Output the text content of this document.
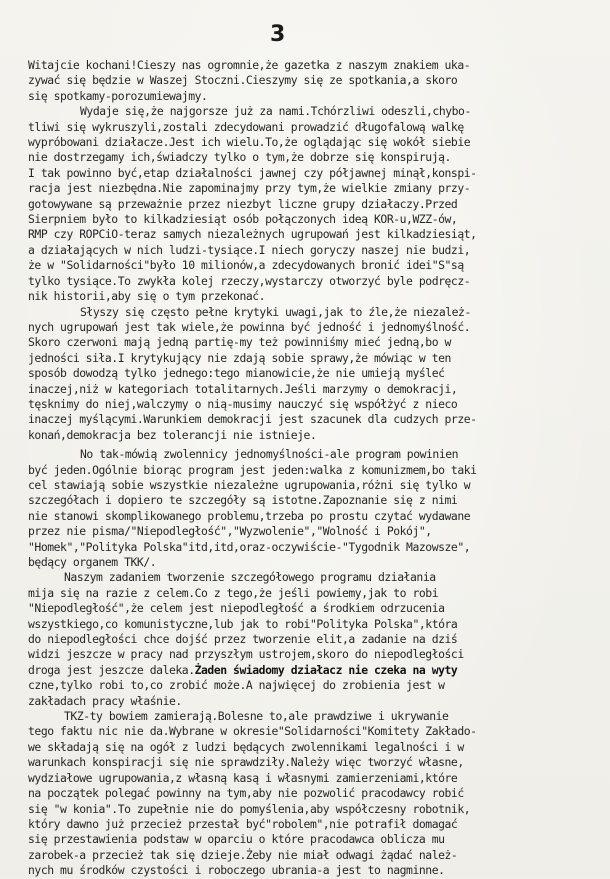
3
Witajcie kochani!Cieszy nas ogromnie,że gazetka z naszym znakiem uka-
zywać się będzie w Waszej Stoczni.Cieszymy się ze spotkania,a skoro
się spotkamy-porozumiewajmy.
Wydaje się,że najgorsze już za nami.Tchórzliwi odeszli,chybo-
tliwi się wykruszyli,zostali zdecydowani prowadzić długofalową walkę
wypróbowani działacze.Jest ich wielu.To,że oglądając się wokół siebie
nie dostrzegamy ich,świadczy tylko o tym,że dobrze się konspirują.
I tak powinno być,etap działalności jawnej czy półjawnej minął,konspi-
racja jest niezbędna.Nie zapominajmy przy tym,że wielkie zmiany przy-
gotowywane są przeważnie przez niezbyt liczne grupy działaczy.Przed
Sierpniem było to kilkadziesiąt osób połączonych ideą KOR-u,WZZ-ów,
RMP czy ROPCiO-teraz samych niezależnych ugrupowań jest kilkadziesiąt,
a działających w nich ludzi-tysiące.I niech goryczy naszej nie budzi,
że w "Solidarności"było 10 milionów,a zdecydowanych bronić idei"S"są
tylko tysiące.To zwykła kolej rzeczy,wystarczy otworzyć byle podręcz-
nik historii,aby się o tym przekonać.
Słyszy się często pełne krytyki uwagi,jak to źle,że niezależ-
nych ugrupowań jest tak wiele,że powinna być jedność i jednomyślność.
Skoro czerwoni mają jedną partię-my też powinniśmy mieć jedną,bo w
jedności siła.I krytykujący nie zdają sobie sprawy,że mówiąc w ten
sposób dowodzą tylko jednego:tego mianowicie,że nie umieją myśleć
inaczej,niż w kategoriach totalitarnych.Jeśli marzymy o demokracji,
tęsknimy do niej,walczymy o nią-musimy nauczyć się współżyć z nieco
inaczej myślącymi.Warunkiem demokracji jest szacunek dla cudzych prze-
konań,demokracja bez tolerancji nie istnieje.
No tak-mówią zwolennicy jednomyślności-ale program powinien
być jeden.Ogólnie biorąc program jest jeden:walka z komunizmem,bo taki
cel stawiają sobie wszystkie niezależne ugrupowania,różni się tylko w
szczegółach i dopiero te szczegóły są istotne.Zapoznanie się z nimi
nie stanowi skomplikowanego problemu,trzeba po prostu czytać wydawane
przez nie pisma/"Niepodległość","Wyzwolenie","Wolność i Pokój",
"Homek","Polityka Polska"itd,itd,oraz-oczywiście-"Tygodnik Mazowsze",
będący organem TKK/.
Naszym zadaniem tworzenie szczegółowego programu działania
mija się na razie z celem.Co z tego,że jeśli powiemy,jak to robi
"Niepodległość",że celem jest niepodległość a środkiem odrzucenia
wszystkiego,co komunistyczne,lub jak to robi"Polityka Polska",która
do niepodległości chce dojść przez tworzenie elit,a zadanie na dziś
widzi jeszcze w pracy nad przyszłym ustrojem,skoro do niepodległości
droga jest jeszcze daleka.Żaden świadomy działacz nie czeka na wyty
czne,tylko robi to,co zrobić może.A najwięcej do zrobienia jest w
zakładach pracy właśnie.
TKZ-ty bowiem zamierają.Bolesne to,ale prawdziwe i ukrywanie
tego faktu nic nie da.Wybrane w okresie"Solidarności"Komitety Zakłado-
we składają się na ogół z ludzi będących zwolennikami legalności i w
warunkach konspiracji się nie sprawdziły.Należy więc tworzyć własne,
wydziałowe ugrupowania,z własną kasą i własnymi zamierzeniami,które
na początek polegać powinny na tym,aby nie pozwolić pracodawcy robić
się "w konia".To zupełnie nie do pomyślenia,aby współczesny robotnik,
który dawno już przecież przestał być"robolem",nie potrafił domagać
się przestawienia podstaw w oparciu o które pracodawca oblicza mu
zarobek-a przecież tak się dzieje.Żeby nie miał odwagi żądać należ-
nych mu środków czystości i roboczego ubrania-a jest to nagminne.
